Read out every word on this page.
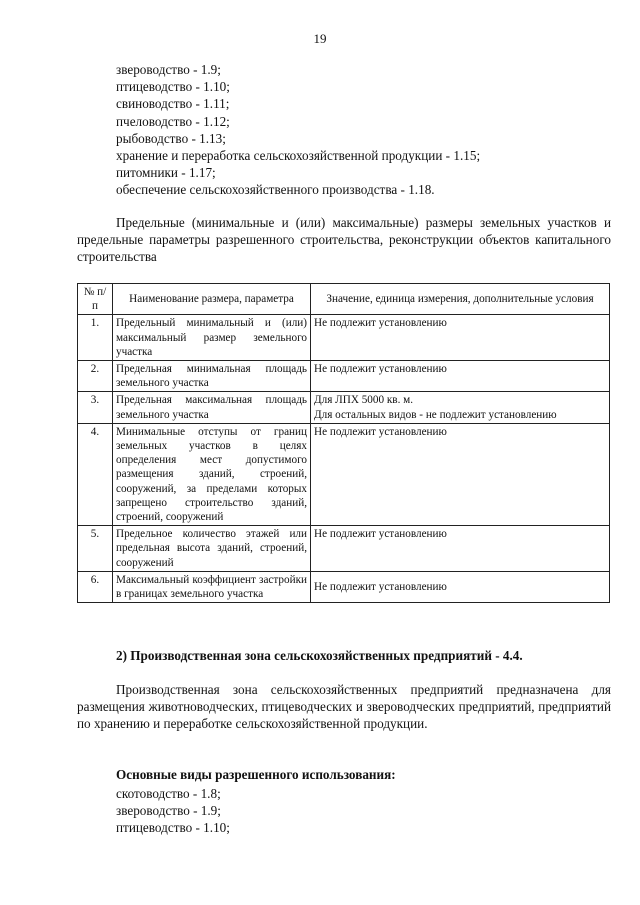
19
звероводство - 1.9;
птицеводство - 1.10;
свиноводство - 1.11;
пчеловодство - 1.12;
рыбоводство - 1.13;
хранение и переработка сельскохозяйственной продукции - 1.15;
питомники - 1.17;
обеспечение сельскохозяйственного производства - 1.18.
Предельные (минимальные и (или) максимальные) размеры земельных участков и предельные параметры разрешенного строительства, реконструкции объектов капитального строительства
№ п/п	Наименование размера, параметра	Значение, единица измерения, дополнительные условия
1.	Предельный минимальный и (или) максимальный размер земельного участка	Не подлежит установлению
2.	Предельная минимальная площадь земельного участка	Не подлежит установлению
3.	Предельная максимальная площадь земельного участка	Для ЛПХ 5000 кв. м.
Для остальных видов - не подлежит установлению

4.	Минимальные отступы от границ земельных участков в целях определения мест допустимого размещения зданий, строений, сооружений, за пределами которых запрещено строительство зданий, строений, сооружений	Не подлежит установлению
5.	Предельное количество этажей или предельная высота зданий, строений, сооружений	Не подлежит установлению
6.	Максимальный коэффициент застройки в границах земельного участка	Не подлежит установлению
2) Производственная зона сельскохозяйственных предприятий - 4.4.
Производственная зона сельскохозяйственных предприятий предназначена для размещения животноводческих, птицеводческих и звероводческих предприятий, предприятий по хранению и переработке сельскохозяйственной продукции.
Основные виды разрешенного использования:
скотоводство - 1.8;
звероводство - 1.9;
птицеводство - 1.10;
